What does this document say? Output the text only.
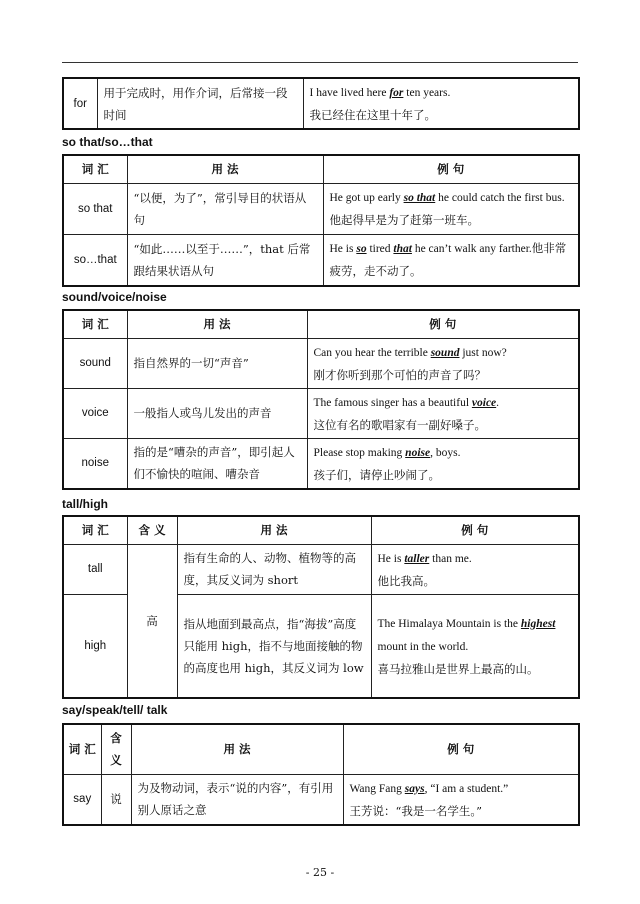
for	用于完成时，用作介词，后常接一段时间	I have lived here for ten years.
我已经住在这里十年了。
so that/so…that
词 汇	用 法	例 句
so that	“以便，为了”，常引导目的状语从句	He got up early so that he could catch the first bus.他起得早是为了赶第一班车。
so…that	“如此……以至于……”，that 后常跟结果状语从句	He is so tired that he can’t walk any farther.他非常疲劳，走不动了。
sound/voice/noise
词 汇	用 法	例 句
sound	指自然界的一切“声音”	Can you hear the terrible sound just now?
刚才你听到那个可怕的声音了吗？
voice	一般指人或鸟儿发出的声音	The famous singer has a beautiful voice.
这位有名的歌唱家有一副好嗓子。
noise	指的是“嘈杂的声音”，即引起人们不愉快的喧闹、嘈杂音	Please stop making noise, boys.
孩子们，请停止吵闹了。
tall/high
词 汇	含 义	用 法	例 句
tall	高	指有生命的人、动物、植物等的高度，其反义词为 short	He is taller than me.
他比我高。
high		指从地面到最高点，指“海拔”高度只能用 high，指不与地面接触的物的高度也用 high，其反义词为 low	The Himalaya Mountain is the highest mount in the world.
喜马拉雅山是世界上最高的山。
say/speak/tell/ talk
词 汇	含义	用 法	例 句
say	说	为及物动词，表示“说的内容”，有引用别人原话之意	Wang Fang says, “I am a student.”
王芳说：“我是一名学生。”
- 25 -
